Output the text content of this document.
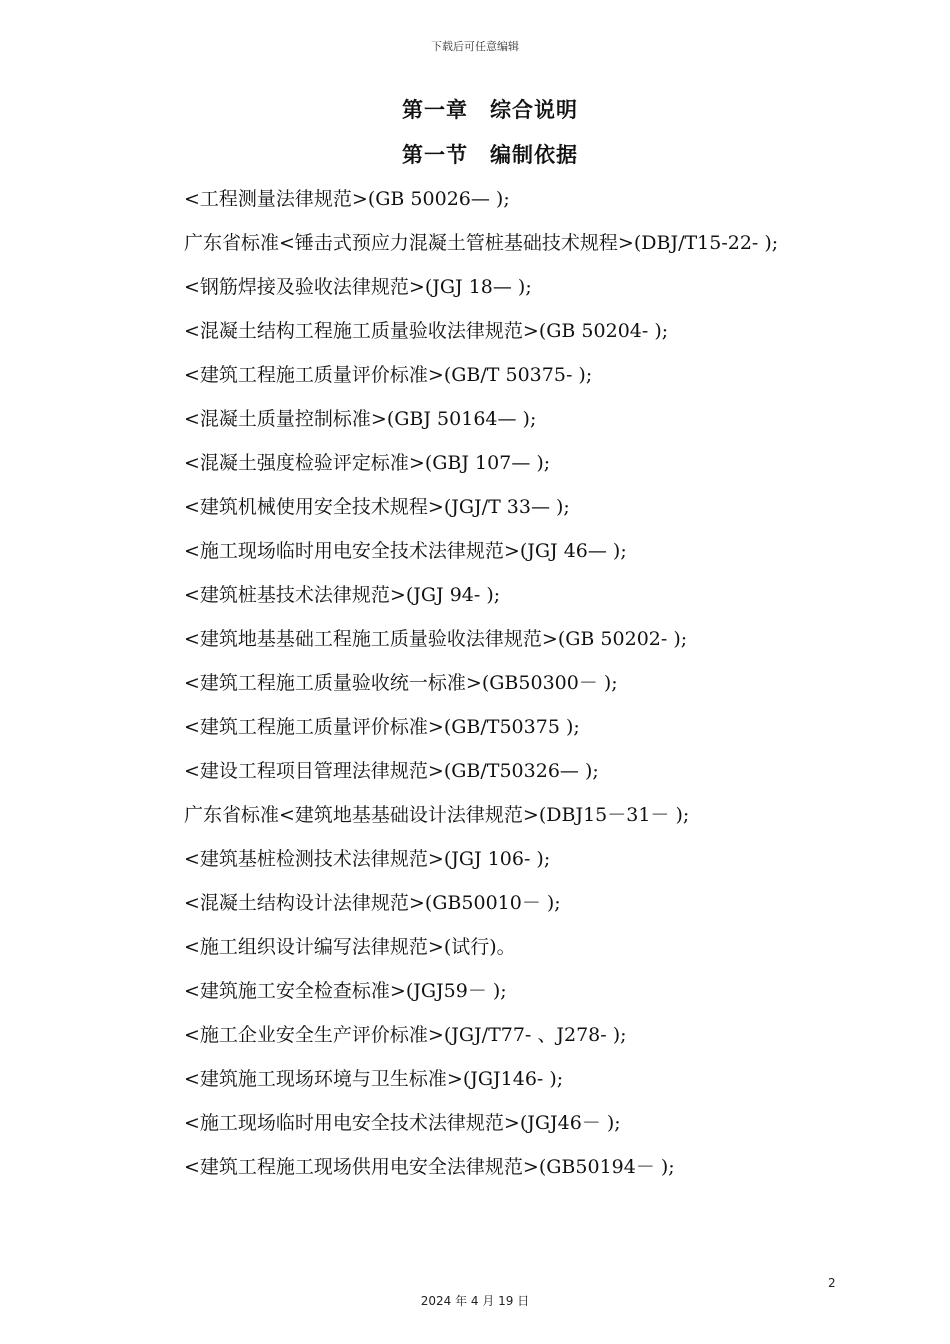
下载后可任意编辑
第一章　综合说明
第一节　编制依据

<工程测量法律规范>(GB 50026— );

广东省标准<锤击式预应力混凝土管桩基础技术规程>(DBJ/T15-22- );

<钢筋焊接及验收法律规范>(JGJ 18— );

<混凝土结构工程施工质量验收法律规范>(GB 50204- );

<建筑工程施工质量评价标准>(GB/T 50375- );

<混凝土质量控制标准>(GBJ 50164— );

<混凝土强度检验评定标准>(GBJ 107— );

<建筑机械使用安全技术规程>(JGJ/T 33— );

<施工现场临时用电安全技术法律规范>(JGJ 46— );

<建筑桩基技术法律规范>(JGJ 94- );

<建筑地基基础工程施工质量验收法律规范>(GB 50202- );

<建筑工程施工质量验收统一标准>(GB50300－ );

<建筑工程施工质量评价标准>(GB/T50375 );

<建设工程项目管理法律规范>(GB/T50326— );

广东省标准<建筑地基基础设计法律规范>(DBJ15－31－ );

<建筑基桩检测技术法律规范>(JGJ 106- );

<混凝土结构设计法律规范>(GB50010－ );

<施工组织设计编写法律规范>(试行)。

<建筑施工安全检查标准>(JGJ59－ );

<施工企业安全生产评价标准>(JGJ/T77- 、J278- );

<建筑施工现场环境与卫生标准>(JGJ146- );

<施工现场临时用电安全技术法律规范>(JGJ46－ );

<建筑工程施工现场供用电安全法律规范>(GB50194－ );

2
2024 年 4 月 19 日
